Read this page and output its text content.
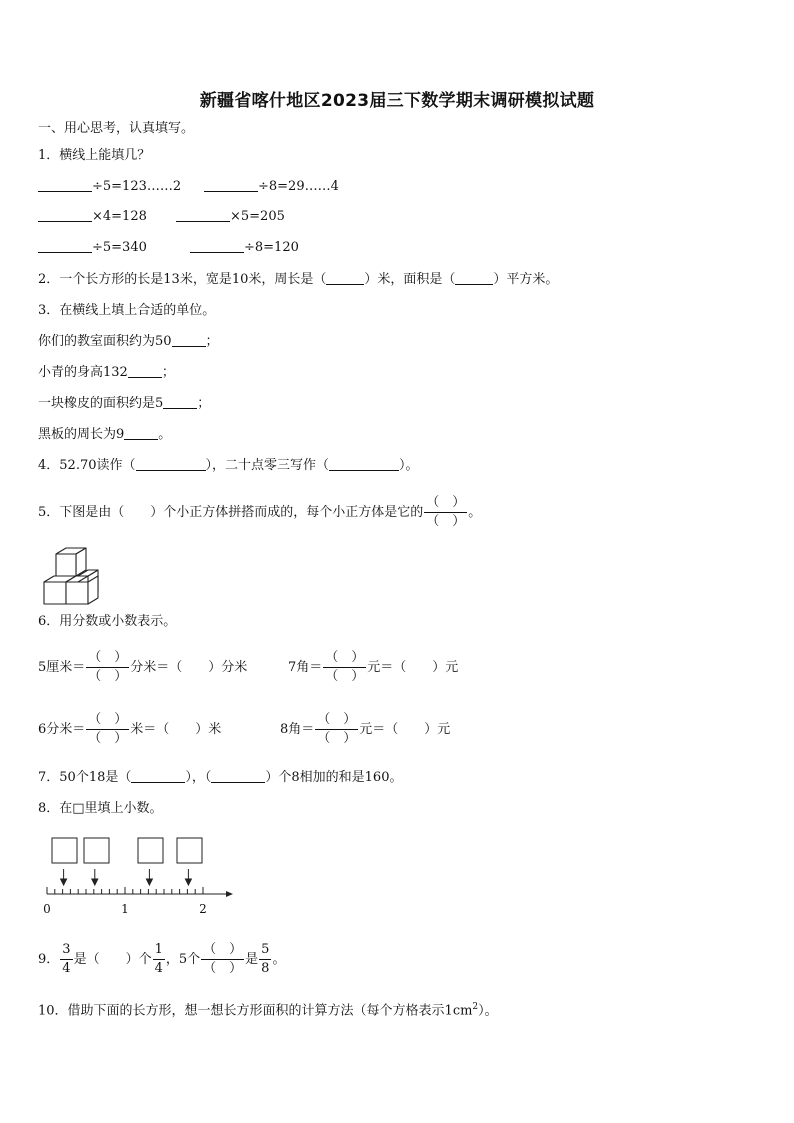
新疆省喀什地区2023届三下数学期末调研模拟试题
一、用心思考，认真填写。
1．横线上能填几？
÷5=123……2	÷8=29……4
×4=128	×5=205
÷5=340	÷8=120
2．一个长方形的长是13米，宽是10米，周长是（	）米，面积是（	）平方米。
3．在横线上填上合适的单位。
你们的教室面积约为50	；
小青的身高132	；
一块橡皮的面积约是5	；
黑板的周长为9	。
4．52.70读作（	），二十点零三写作（	）。
5．下图是由（　　）个小正方体拼搭而成的，每个小正方体是它的 $\frac{( )}{( )}$ 。
6．用分数或小数表示。
5厘米＝ $\frac{( )}{( )}$ 分米＝（　　）分米	7角＝ $\frac{( )}{( )}$ 元＝（　　）元
6分米＝ $\frac{( )}{( )}$ 米＝（　　）米	8角＝ $\frac{( )}{( )}$ 元＝（　　）元
7．50个18是（	），（	）个8相加的和是160。
8．在□里填上小数。
0	1	2
9． $\frac{3}{4}$ 是（　　）个 $\frac{1}{4}$ ，5个 $\frac{( )}{( )}$ 是 $\frac{5}{8}$ 。
10．借助下面的长方形，想一想长方形面积的计算方法（每个方格表示$1cm^2$）。
